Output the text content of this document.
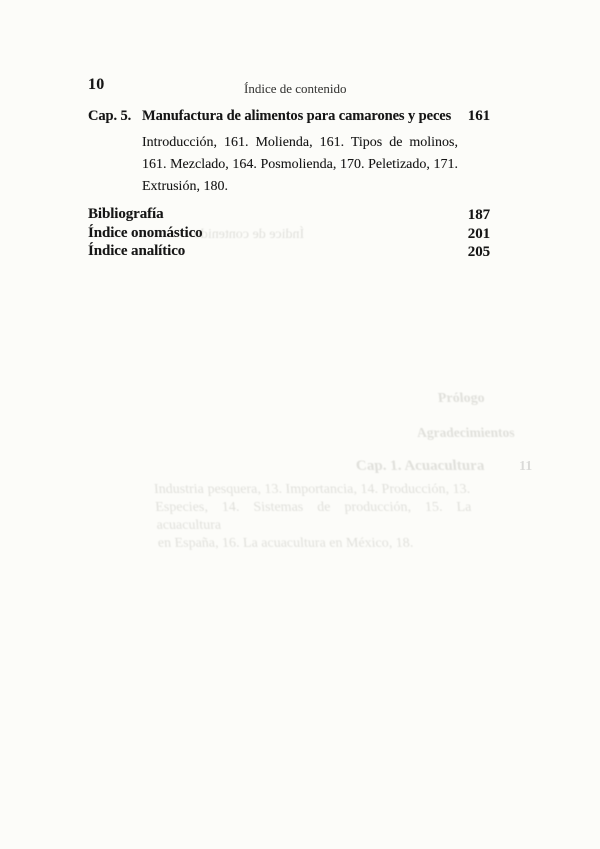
10	Índice de contenido
Cap. 5. Manufactura de alimentos para camarones y peces	161
Introducción, 161. Molienda, 161. Tipos de molinos,
161. Mezclado, 164. Posmolienda, 170. Peletizado, 171.
Extrusión, 180.
Bibliografía	187
Índice onomástico	201
Índice analítico	205
Índice de contenido
Prólogo
Agradecimientos
Cap. 1. Acuacultura	11
Industria pesquera, 13. Importancia, 14. Producción, 13.
Especies, 14. Sistemas de producción, 15. La acuacultura
en España, 16. La acuacultura en México, 18.
